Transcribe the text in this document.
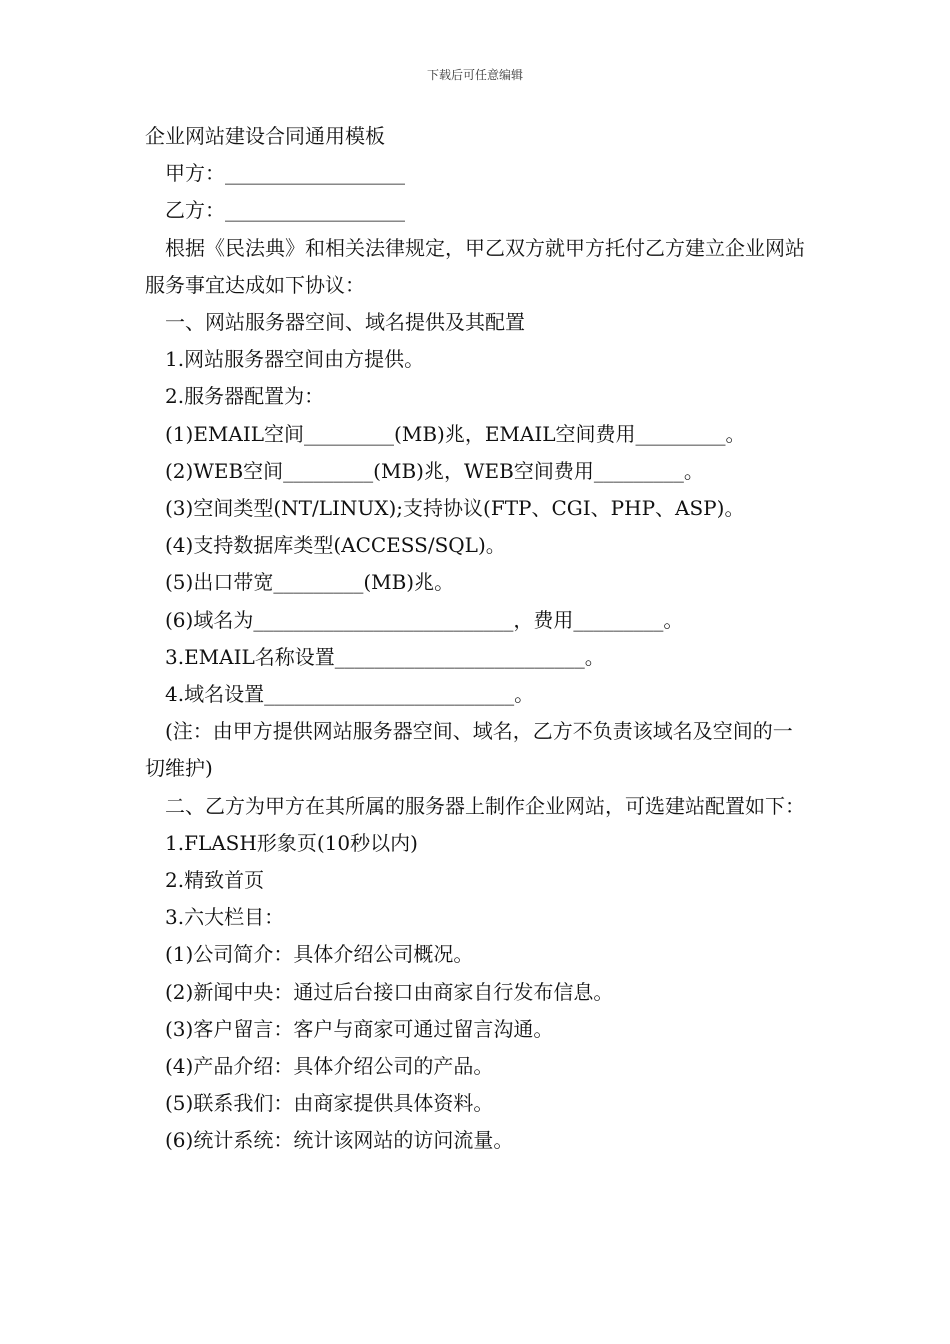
下载后可任意编辑
企业网站建设合同通用模板
甲方：__________________
乙方：__________________
根据《民法典》和相关法律规定，甲乙双方就甲方托付乙方建立企业网站服务事宜达成如下协议：
一、网站服务器空间、域名提供及其配置
1.网站服务器空间由方提供。
2.服务器配置为：
(1)EMAIL空间_________(MB)兆，EMAIL空间费用_________。
(2)WEB空间_________(MB)兆，WEB空间费用_________。
(3)空间类型(NT/LINUX);支持协议(FTP、CGI、PHP、ASP)。
(4)支持数据库类型(ACCESS/SQL)。
(5)出口带宽_________(MB)兆。
(6)域名为__________________________，费用_________。
3.EMAIL名称设置_________________________。
4.域名设置_________________________。
(注：由甲方提供网站服务器空间、域名，乙方不负责该域名及空间的一切维护)
二、乙方为甲方在其所属的服务器上制作企业网站，可选建站配置如下：
1.FLASH形象页(10秒以内)
2.精致首页
3.六大栏目：
(1)公司简介：具体介绍公司概况。
(2)新闻中央：通过后台接口由商家自行发布信息。
(3)客户留言：客户与商家可通过留言沟通。
(4)产品介绍：具体介绍公司的产品。
(5)联系我们：由商家提供具体资料。
(6)统计系统：统计该网站的访问流量。
